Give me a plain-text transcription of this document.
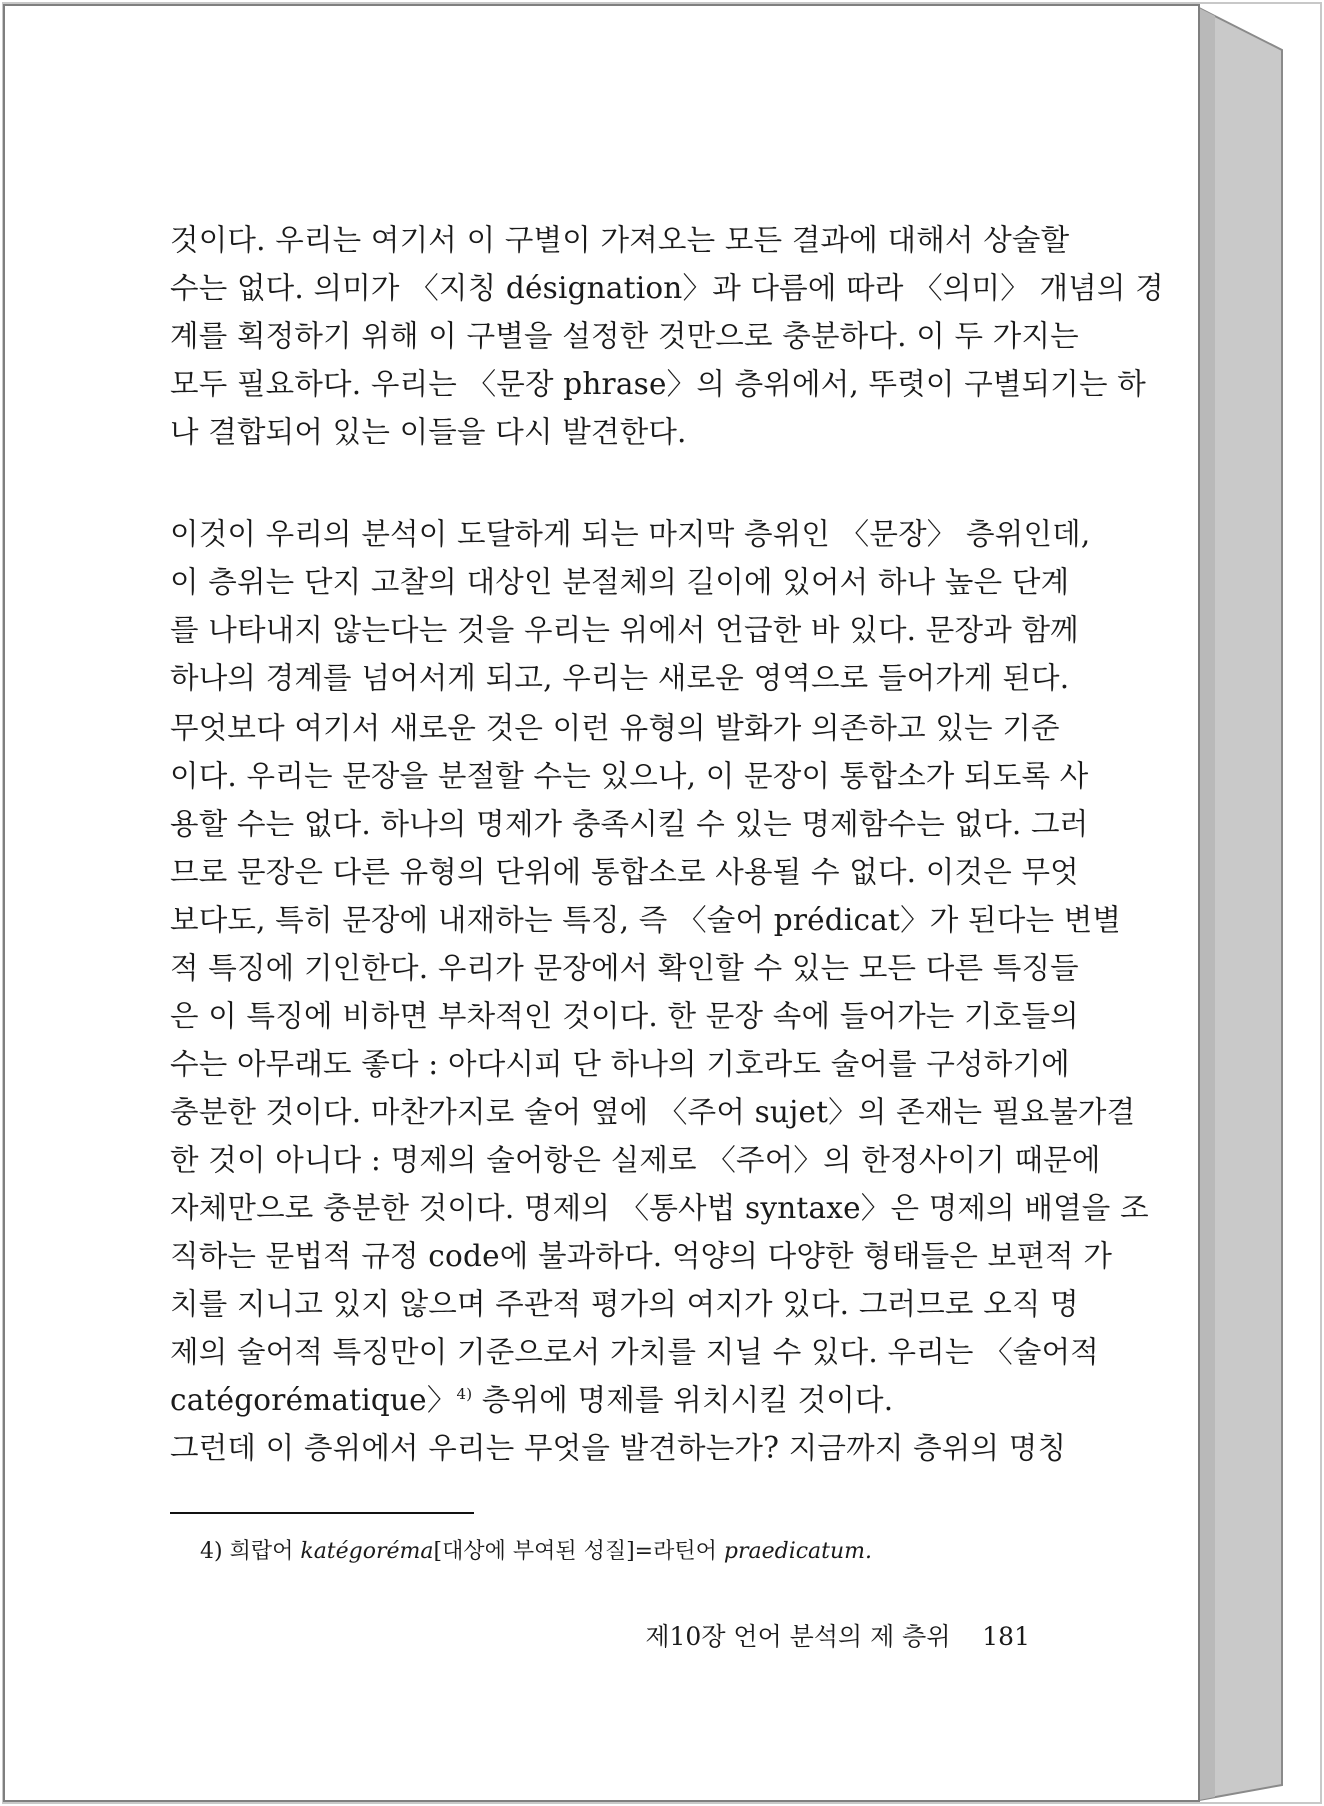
것이다. 우리는 여기서 이 구별이 가져오는 모든 결과에 대해서 상술할
수는 없다. 의미가 〈지칭 désignation〉과 다름에 따라 〈의미〉 개념의 경
계를 획정하기 위해 이 구별을 설정한 것만으로 충분하다. 이 두 가지는
모두 필요하다. 우리는 〈문장 phrase〉의 층위에서, 뚜렷이 구별되기는 하
나 결합되어 있는 이들을 다시 발견한다.
이것이 우리의 분석이 도달하게 되는 마지막 층위인 〈문장〉 층위인데,
이 층위는 단지 고찰의 대상인 분절체의 길이에 있어서 하나 높은 단계
를 나타내지 않는다는 것을 우리는 위에서 언급한 바 있다. 문장과 함께
하나의 경계를 넘어서게 되고, 우리는 새로운 영역으로 들어가게 된다.
무엇보다 여기서 새로운 것은 이런 유형의 발화가 의존하고 있는 기준
이다. 우리는 문장을 분절할 수는 있으나, 이 문장이 통합소가 되도록 사
용할 수는 없다. 하나의 명제가 충족시킬 수 있는 명제함수는 없다. 그러
므로 문장은 다른 유형의 단위에 통합소로 사용될 수 없다. 이것은 무엇
보다도, 특히 문장에 내재하는 특징, 즉 〈술어 prédicat〉가 된다는 변별
적 특징에 기인한다. 우리가 문장에서 확인할 수 있는 모든 다른 특징들
은 이 특징에 비하면 부차적인 것이다. 한 문장 속에 들어가는 기호들의
수는 아무래도 좋다 : 아다시피 단 하나의 기호라도 술어를 구성하기에
충분한 것이다. 마찬가지로 술어 옆에 〈주어 sujet〉의 존재는 필요불가결
한 것이 아니다 : 명제의 술어항은 실제로 〈주어〉의 한정사이기 때문에
자체만으로 충분한 것이다. 명제의 〈통사법 syntaxe〉은 명제의 배열을 조
직하는 문법적 규정 code에 불과하다. 억양의 다양한 형태들은 보편적 가
치를 지니고 있지 않으며 주관적 평가의 여지가 있다. 그러므로 오직 명
제의 술어적 특징만이 기준으로서 가치를 지닐 수 있다. 우리는 〈술어적
catégorématique〉$^{4)}$ 층위에 명제를 위치시킬 것이다.
그런데 이 층위에서 우리는 무엇을 발견하는가? 지금까지 층위의 명칭
4) 희랍어 katégoréma[대상에 부여된 성질]=라틴어 praedicatum.
제10장 언어 분석의 제 층위 181
